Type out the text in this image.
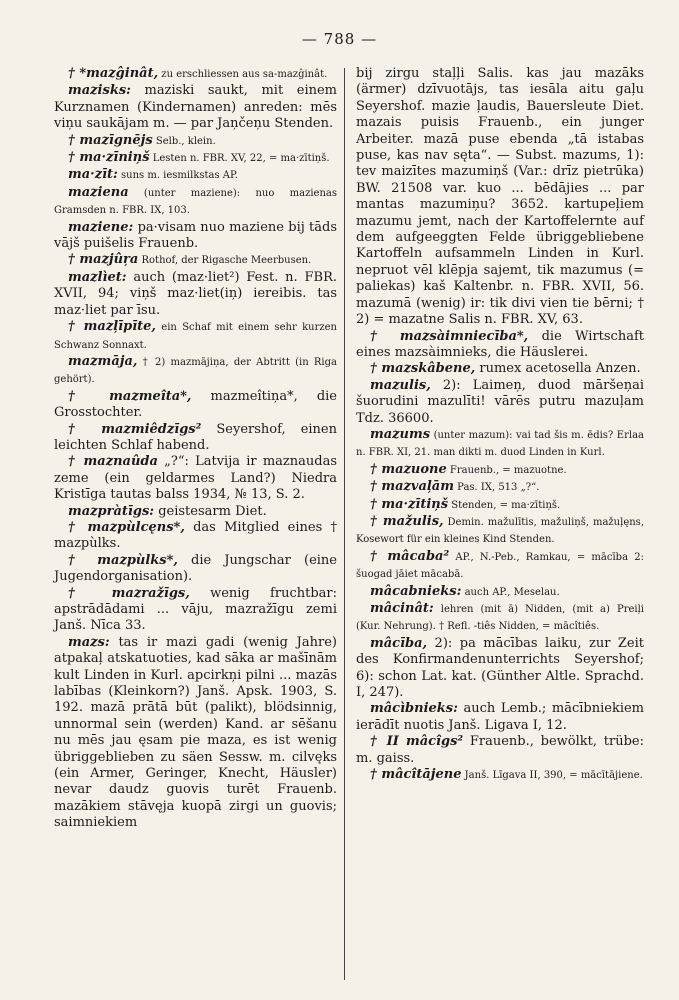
— 788 —

† *mazĝinât, zu erschliessen aus sa-mazĝinât.

mazisks: maziski saukt, mit einem Kurznamen (Kindernamen) anreden: mēs viņu saukājam m. — par Jaņčeņu Stenden.

† mazīgnējs Selb., klein.

† ma·zīniņš Lesten n. FBR. XV, 22, = ma·zītiņš.

ma·zīt: suns m. iesmilkstas AP.

maziena (unter maziene): nuo mazienas Gramsden n. FBR. IX, 103.

maziene: pa·visam nuo maziene bij tāds vājš puišelis Frauenb.

† mazjûŗa Rothof, der Rigasche Meerbusen.

mazlìet: auch (maz·liet²) Fest. n. FBR. XVII, 94; viņš maz·liet(iņ) iereibis. tas maz·liet par īsu.

† mazļīpīte, ein Schaf mit einem sehr kurzen Schwanz Sonnaxt.

mazmāja, † 2) mazmājiņa, der Abtritt (in Riga gehört).

† mazmeîta*, mazmeîtiņa*, die Grosstochter.

† mazmiêdzīgs² Seyershof, einen leichten Schlaf habend.

† maznaûda „?“: Latvija ir maznaudas zeme (ein geldarmes Land?) Niedra Kristīga tautas balss 1934, № 13, S. 2.

mazpràtīgs: geistesarm Diet.

† mazpùlcęns*, das Mitglied eines † mazpùlks.

† mazpùlks*, die Jungschar (eine Jugendorganisation).

† mazražīgs, wenig fruchtbar: apstrādādami ... vāju, mazražīgu zemi Janš. Nīca 33.

mazs: tas ir mazi gadi (wenig Jahre) atpakaļ atskatuoties, kad sāka ar mašīnām kult Linden in Kurl. apcirkņi pilni ... mazās labības (Kleinkorn?) Janš. Apsk. 1903, S. 192. mazā prātā būt (palikt), blödsinnig, unnormal sein (werden) Kand. ar sēšanu nu mēs jau ęsam pie maza, es ist wenig übriggeblieben zu säen Sessw. m. cilvęks (ein Armer, Geringer, Knecht, Häusler) nevar daudz guovis turēt Frauenb. mazākiem stāvęja kuopā zirgi un guovis; saimniekiem

bij zirgu staļļi Salis. kas jau mazāks (ärmer) dzīvuotājs, tas iesāla aitu gaļu Seyershof. mazie ļaudis, Bauersleute Diet. mazais puisis Frauenb., ein junger Arbeiter. mazā puse ebenda „tā istabas puse, kas nav sęta“. — Subst. mazums, 1): tev maizītes mazumiņš (Var.: drīz pietrūka) BW. 21508 var. kuo ... bēdājies ... par mantas mazumiņu? 3652. kartupeļiem mazumu jemt, nach der Kartoffelernte auf dem aufgeeggten Felde übriggebliebene Kartoffeln aufsammeln Linden in Kurl. nepruot vēl klēpja sajemt, tik mazumus (= paliekas) kaš Kaltenbr. n. FBR. XVII, 56. mazumā (wenig) ir: tik divi vien tie bērni; † 2) = mazatne Salis n. FBR. XV, 63.

† mazsàimniecība*, die Wirtschaft eines mazsàimnieks, die Häuslerei.

† mazskâbene, rumex acetosella Anzen.

mazulis, 2): Laimeņ, duod māršeņai šuorudini mazulīti! vārēs putru mazuļam Tdz. 36600.

mazums (unter mazum): vai tad šis m. ēdis? Erlaa n. FBR. XI, 21. man dikti m. duod Linden in Kurl.

† mazuone Frauenb., = mazuotne.

† mazvaļām Pas. IX, 513 „?“.

† ma·zītiņš Stenden, = ma·zītiņš.

† mažulis, Demin. mažulītis, mažuliņš, mažuļęns, Kosewort für ein kleines Kind Stenden.

† mâcaba² AP., N.-Peb., Ramkau, = mācība 2: šuogad jāiet mācabā.

mâcabnieks: auch AP., Meselau.

mâcinât: lehren (mit ā) Nidden, (mit a) Preiļi (Kur. Nehrung). † Refl. -tiês Nidden, = mācîtiês.

mâcība, 2): pa mācības laiku, zur Zeit des Konfirmandenunterrichts Seyershof; 6): schon Lat. kat. (Günther Altle. Sprachd. I, 247).

mâcìbnieks: auch Lemb.; mācībniekiem ierādīt nuotis Janš. Ligava I, 12.

† II mâcîgs² Frauenb., bewölkt, trübe: m. gaiss.

† mâcîtājene Janš. Līgava II, 390, = mācītājiene.
